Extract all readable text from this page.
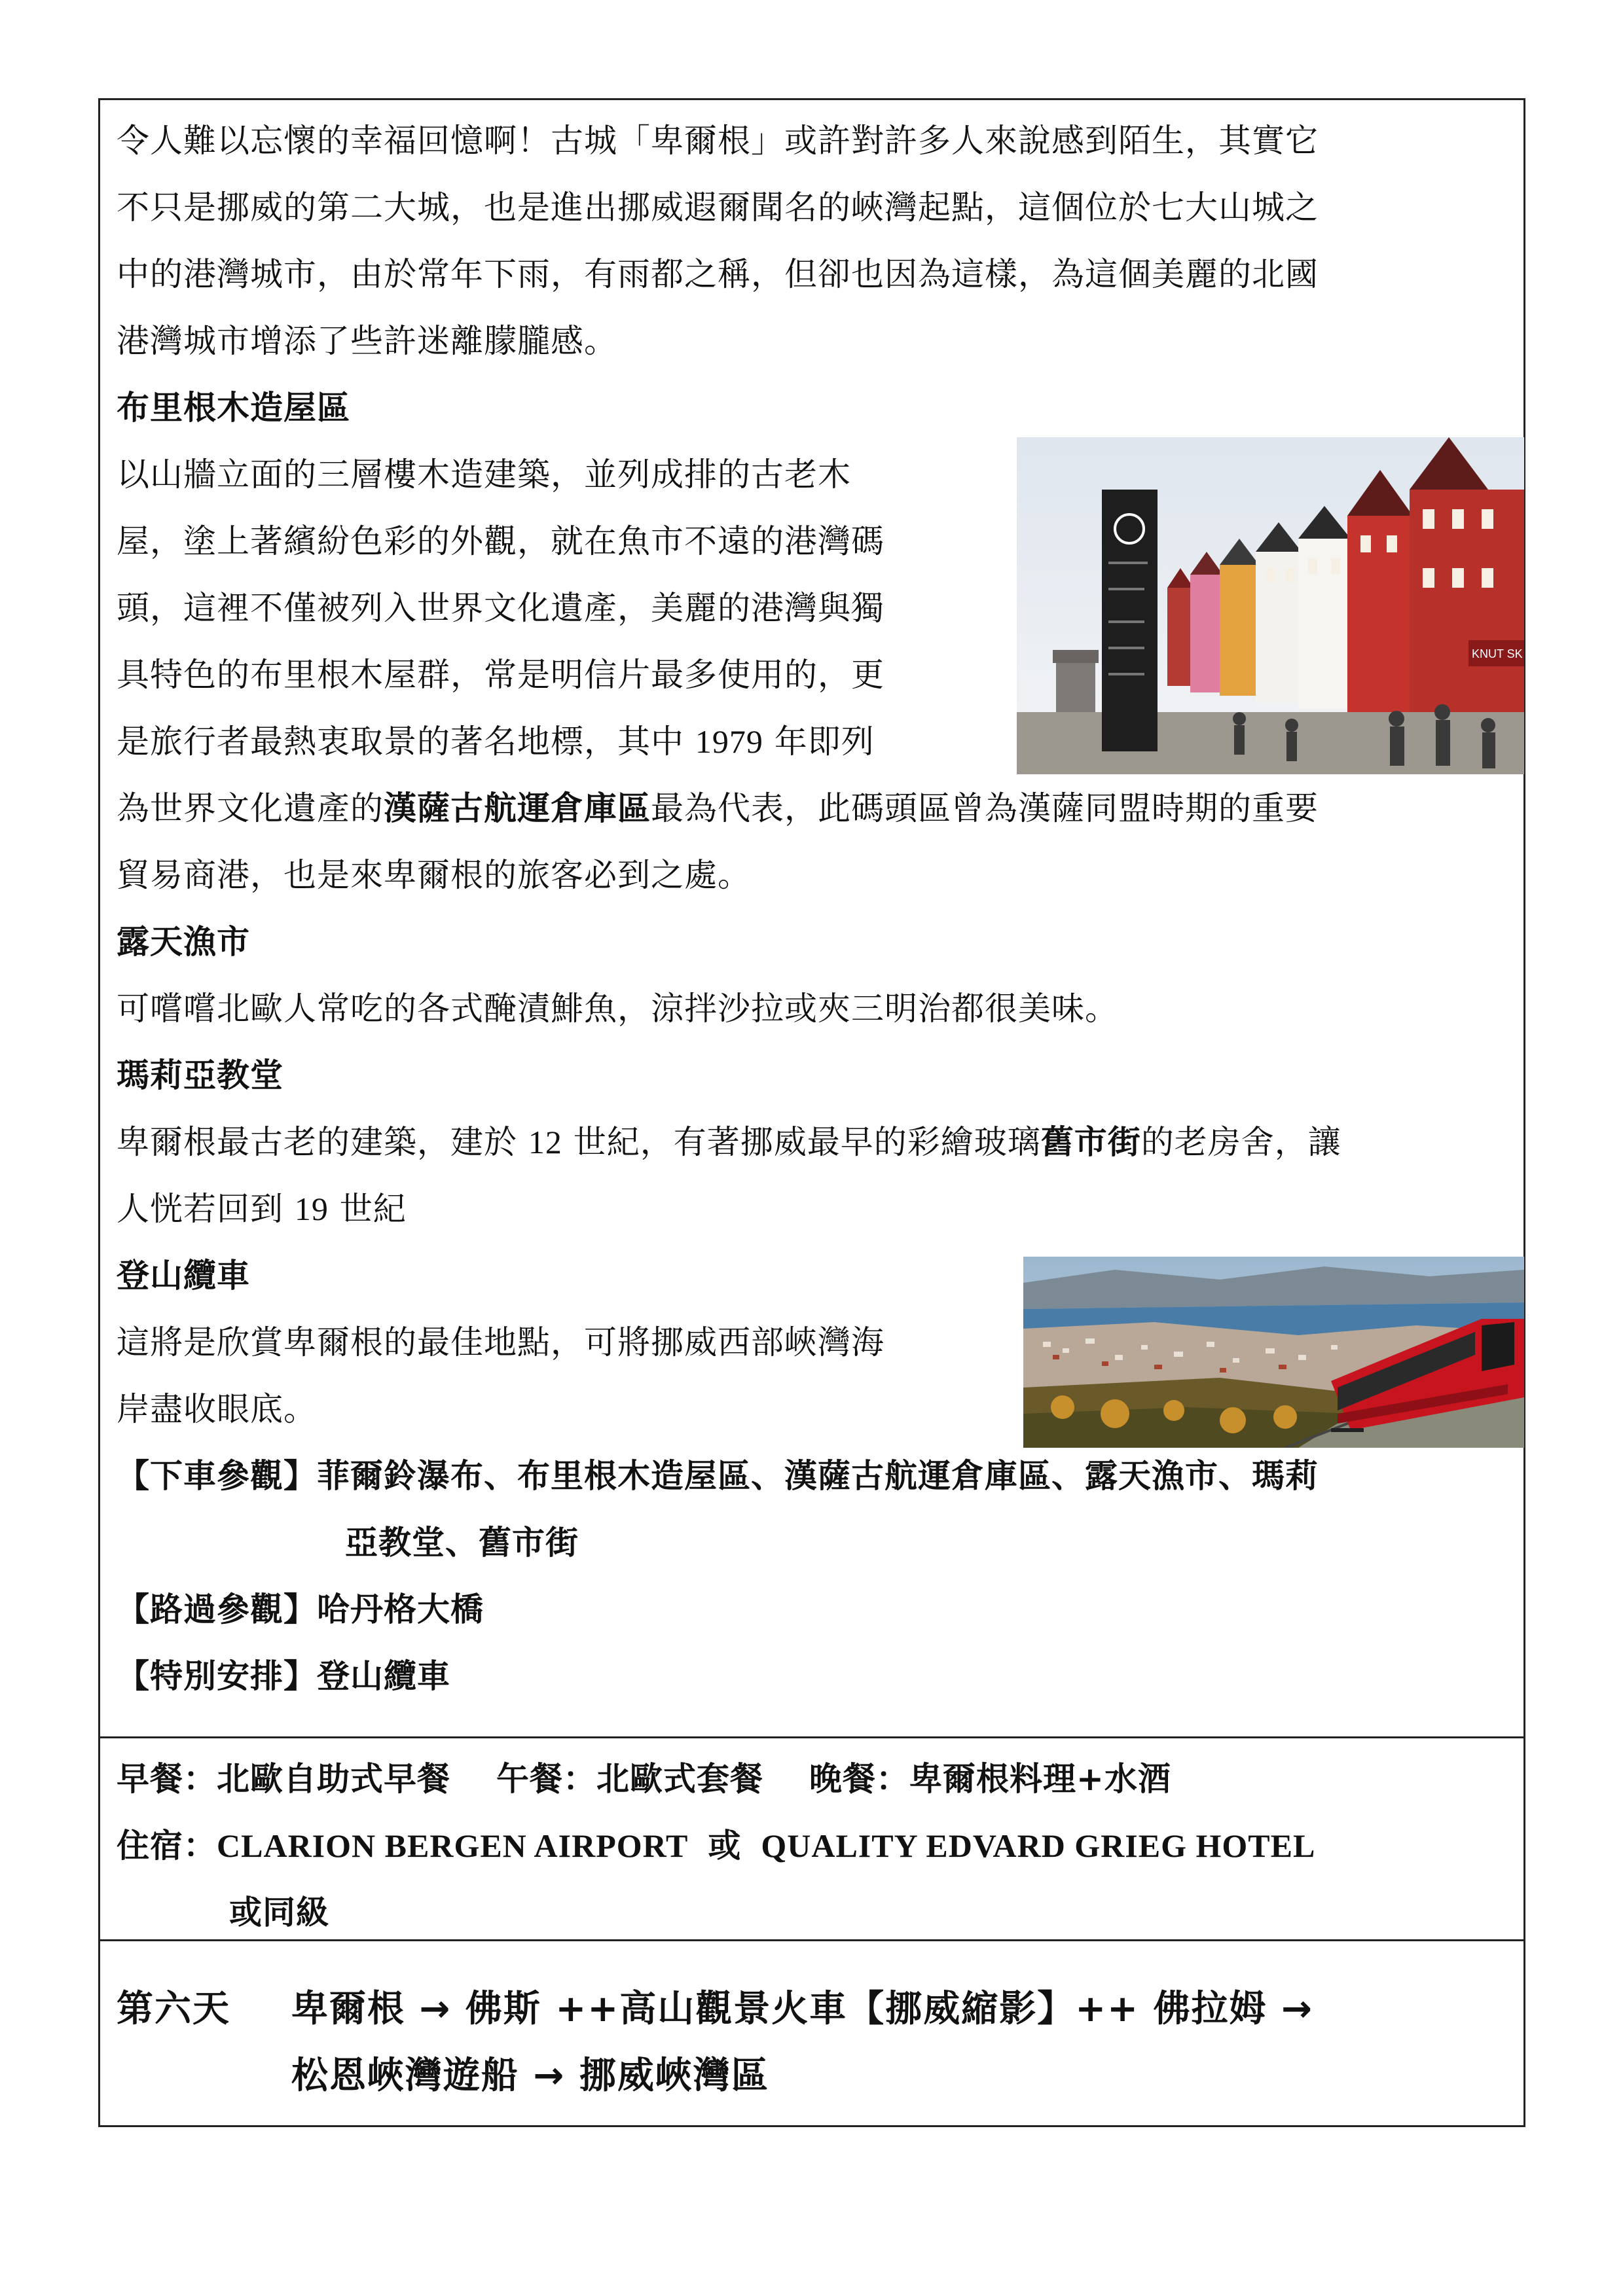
令人難以忘懷的幸福回憶啊！古城「卑爾根」或許對許多人來說感到陌生，其實它
不只是挪威的第二大城，也是進出挪威遐爾聞名的峽灣起點，這個位於七大山城之
中的港灣城市，由於常年下雨，有雨都之稱，但卻也因為這樣，為這個美麗的北國
港灣城市增添了些許迷離朦朧感。
布里根木造屋區
以山牆立面的三層樓木造建築，並列成排的古老木
屋，塗上著繽紛色彩的外觀，就在魚市不遠的港灣碼
頭，這裡不僅被列入世界文化遺產，美麗的港灣與獨
具特色的布里根木屋群，常是明信片最多使用的，更
是旅行者最熱衷取景的著名地標，其中 1979 年即列
為世界文化遺產的漢薩古航運倉庫區最為代表，此碼頭區曾為漢薩同盟時期的重要
貿易商港，也是來卑爾根的旅客必到之處。
KNUT SK
露天漁市
可嚐嚐北歐人常吃的各式醃漬鯡魚，涼拌沙拉或夾三明治都很美味。
瑪莉亞教堂
卑爾根最古老的建築，建於 12 世紀，有著挪威最早的彩繪玻璃舊市街的老房舍，讓
人恍若回到 19 世紀
登山纜車
這將是欣賞卑爾根的最佳地點，可將挪威西部峽灣海
岸盡收眼底。
【下車參觀】菲爾鈴瀑布、布里根木造屋區、漢薩古航運倉庫區、露天漁市、瑪莉
亞教堂、舊市街
【路過參觀】哈丹格大橋
【特別安排】登山纜車
早餐：北歐自助式早餐 午餐：北歐式套餐 晚餐：卑爾根料理+水酒
住宿：CLARION BERGEN AIRPORT 或 QUALITY EDVARD GRIEG HOTEL
或同級
第六天 卑爾根 → 佛斯 ++高山觀景火車【挪威縮影】++ 佛拉姆 →
松恩峽灣遊船 → 挪威峽灣區
